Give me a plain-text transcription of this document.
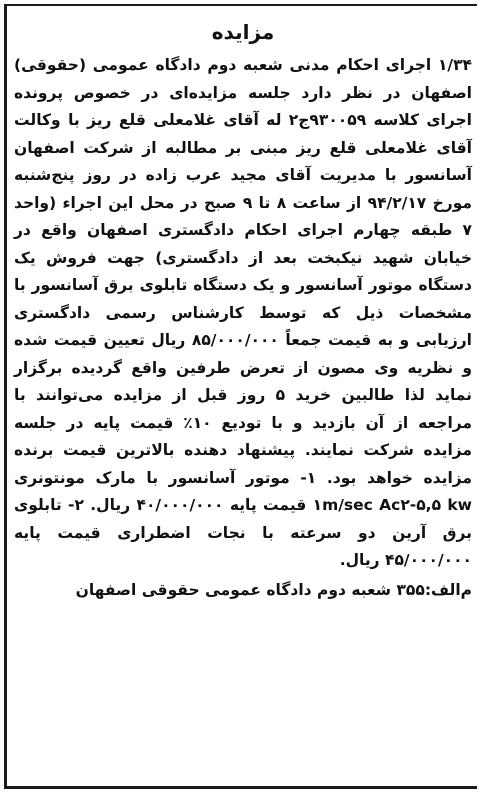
مزایده
۱/۳۴ اجرای احکام مدنی شعبه دوم دادگاه عمومی (حقوقی) اصفهان در نظر دارد جلسه مزایده‌ای در خصوص پرونده اجرای کلاسه ۹۳۰۰۵۹ج۲ له آقای غلامعلی قلع ریز با وکالت آقای غلامعلی قلع ریز مبنی بر مطالبه از شرکت اصفهان آسانسور با مدیریت آقای مجید عرب زاده در روز پنج‌شنبه مورخ ۹۴/۲/۱۷ از ساعت ۸ تا ۹ صبح در محل این اجراء (واحد ۷ طبقه چهارم اجرای احکام دادگستری اصفهان واقع در خیابان شهید نیکبخت بعد از دادگستری) جهت فروش یک دستگاه موتور آسانسور و یک دستگاه تابلوی برق آسانسور با مشخصات ذیل که توسط کارشناس رسمی دادگستری ارزیابی و به قیمت جمعاً ۸۵/۰۰۰/۰۰۰ ریال تعیین قیمت شده و نظریه وی مصون از تعرض طرفین واقع گردیده برگزار نماید لذا طالبین خرید ۵ روز قبل از مزایده می‌توانند با مراجعه از آن بازدید و با تودیع ۱۰٪ قیمت پایه در جلسه مزایده شرکت نمایند. پیشنهاد دهنده بالاترین قیمت برنده مزایده خواهد بود. ۱- موتور آسانسور با مارک مونتونری ۱m/sec Ac۲-۵,۵ kw قیمت پایه ۴۰/۰۰۰/۰۰۰ ریال. ۲- تابلوی برق آرین دو سرعته با نجات اضطراری قیمت پایه ۴۵/۰۰۰/۰۰۰ ریال.
م‌الف:۳۵۵ شعبه دوم دادگاه عمومی حقوقی اصفهان
